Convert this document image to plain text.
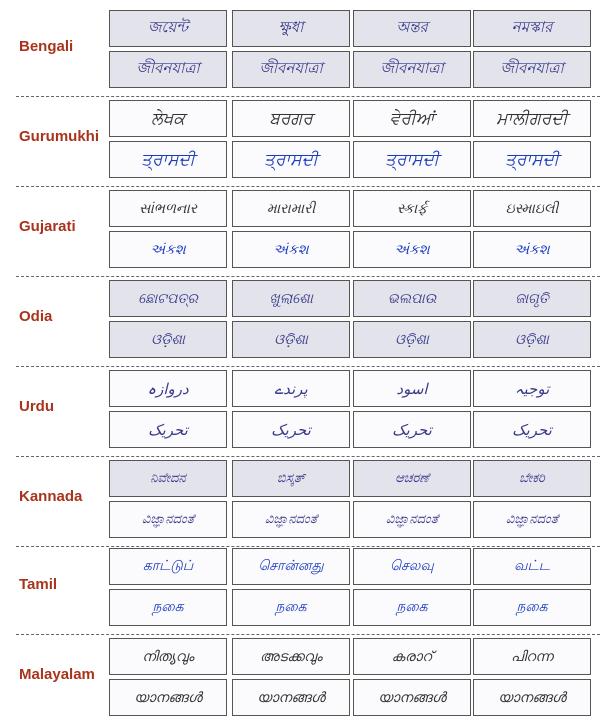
Bengali
জয়েন্ট	ক্ষুধা	অন্তর	নমস্কার
জীবনযাত্রা	জীবনযাত্রা	জীবনযাত্রা	জীবনযাত্রা
Gurumukhi
ਲੇਖਕ	ਬਰਗਰ	ਵੇਰੀਆਂ	ਮਾਲੀਗਰਦੀ
ਤ੍ਰਾਸਦੀ	ਤ੍ਰਾਸਦੀ	ਤ੍ਰਾਸਦੀ	ਤ੍ਰਾਸਦੀ
Gujarati
સાંભળનાર	મારામારી	સ્કાર્ફ	ઇસ્માઇલી
અંકશ	અંકશ	અંકશ	અંકશ
Odia
ଛୋଟପତ୍ର	ଖୁଲାଶୋ	ଭଲପାଉ	ଜାଗୃତି
ଓଡ଼ିଶା	ଓଡ଼ିଶା	ଓଡ଼ିଶା	ଓଡ଼ିଶା
Urdu
دروازہ	پرندے	اسود	توجیہ
تحریک	تحریک	تحریک	تحریک
Kannada
ನಿವೇದನ	ಬಿಸ್ಕತ್	ಆಚರಣೆ	ಬೇಕರಿ
ವಿಜ್ಞಾನದಂತೆ	ವಿಜ್ಞಾನದಂತೆ	ವಿಜ್ಞಾನದಂತೆ	ವಿಜ್ಞಾನದಂತೆ
Tamil
காட்டுப்	சொன்னது	செலவு	வட்ட
நகை	நகை	நகை	நகை
Malayalam
നിത്യവും	അടക്കവും	കരാറ്	പിറന്ന
യാനങ്ങൾ	യാനങ്ങൾ	യാനങ്ങൾ	യാനങ്ങൾ
